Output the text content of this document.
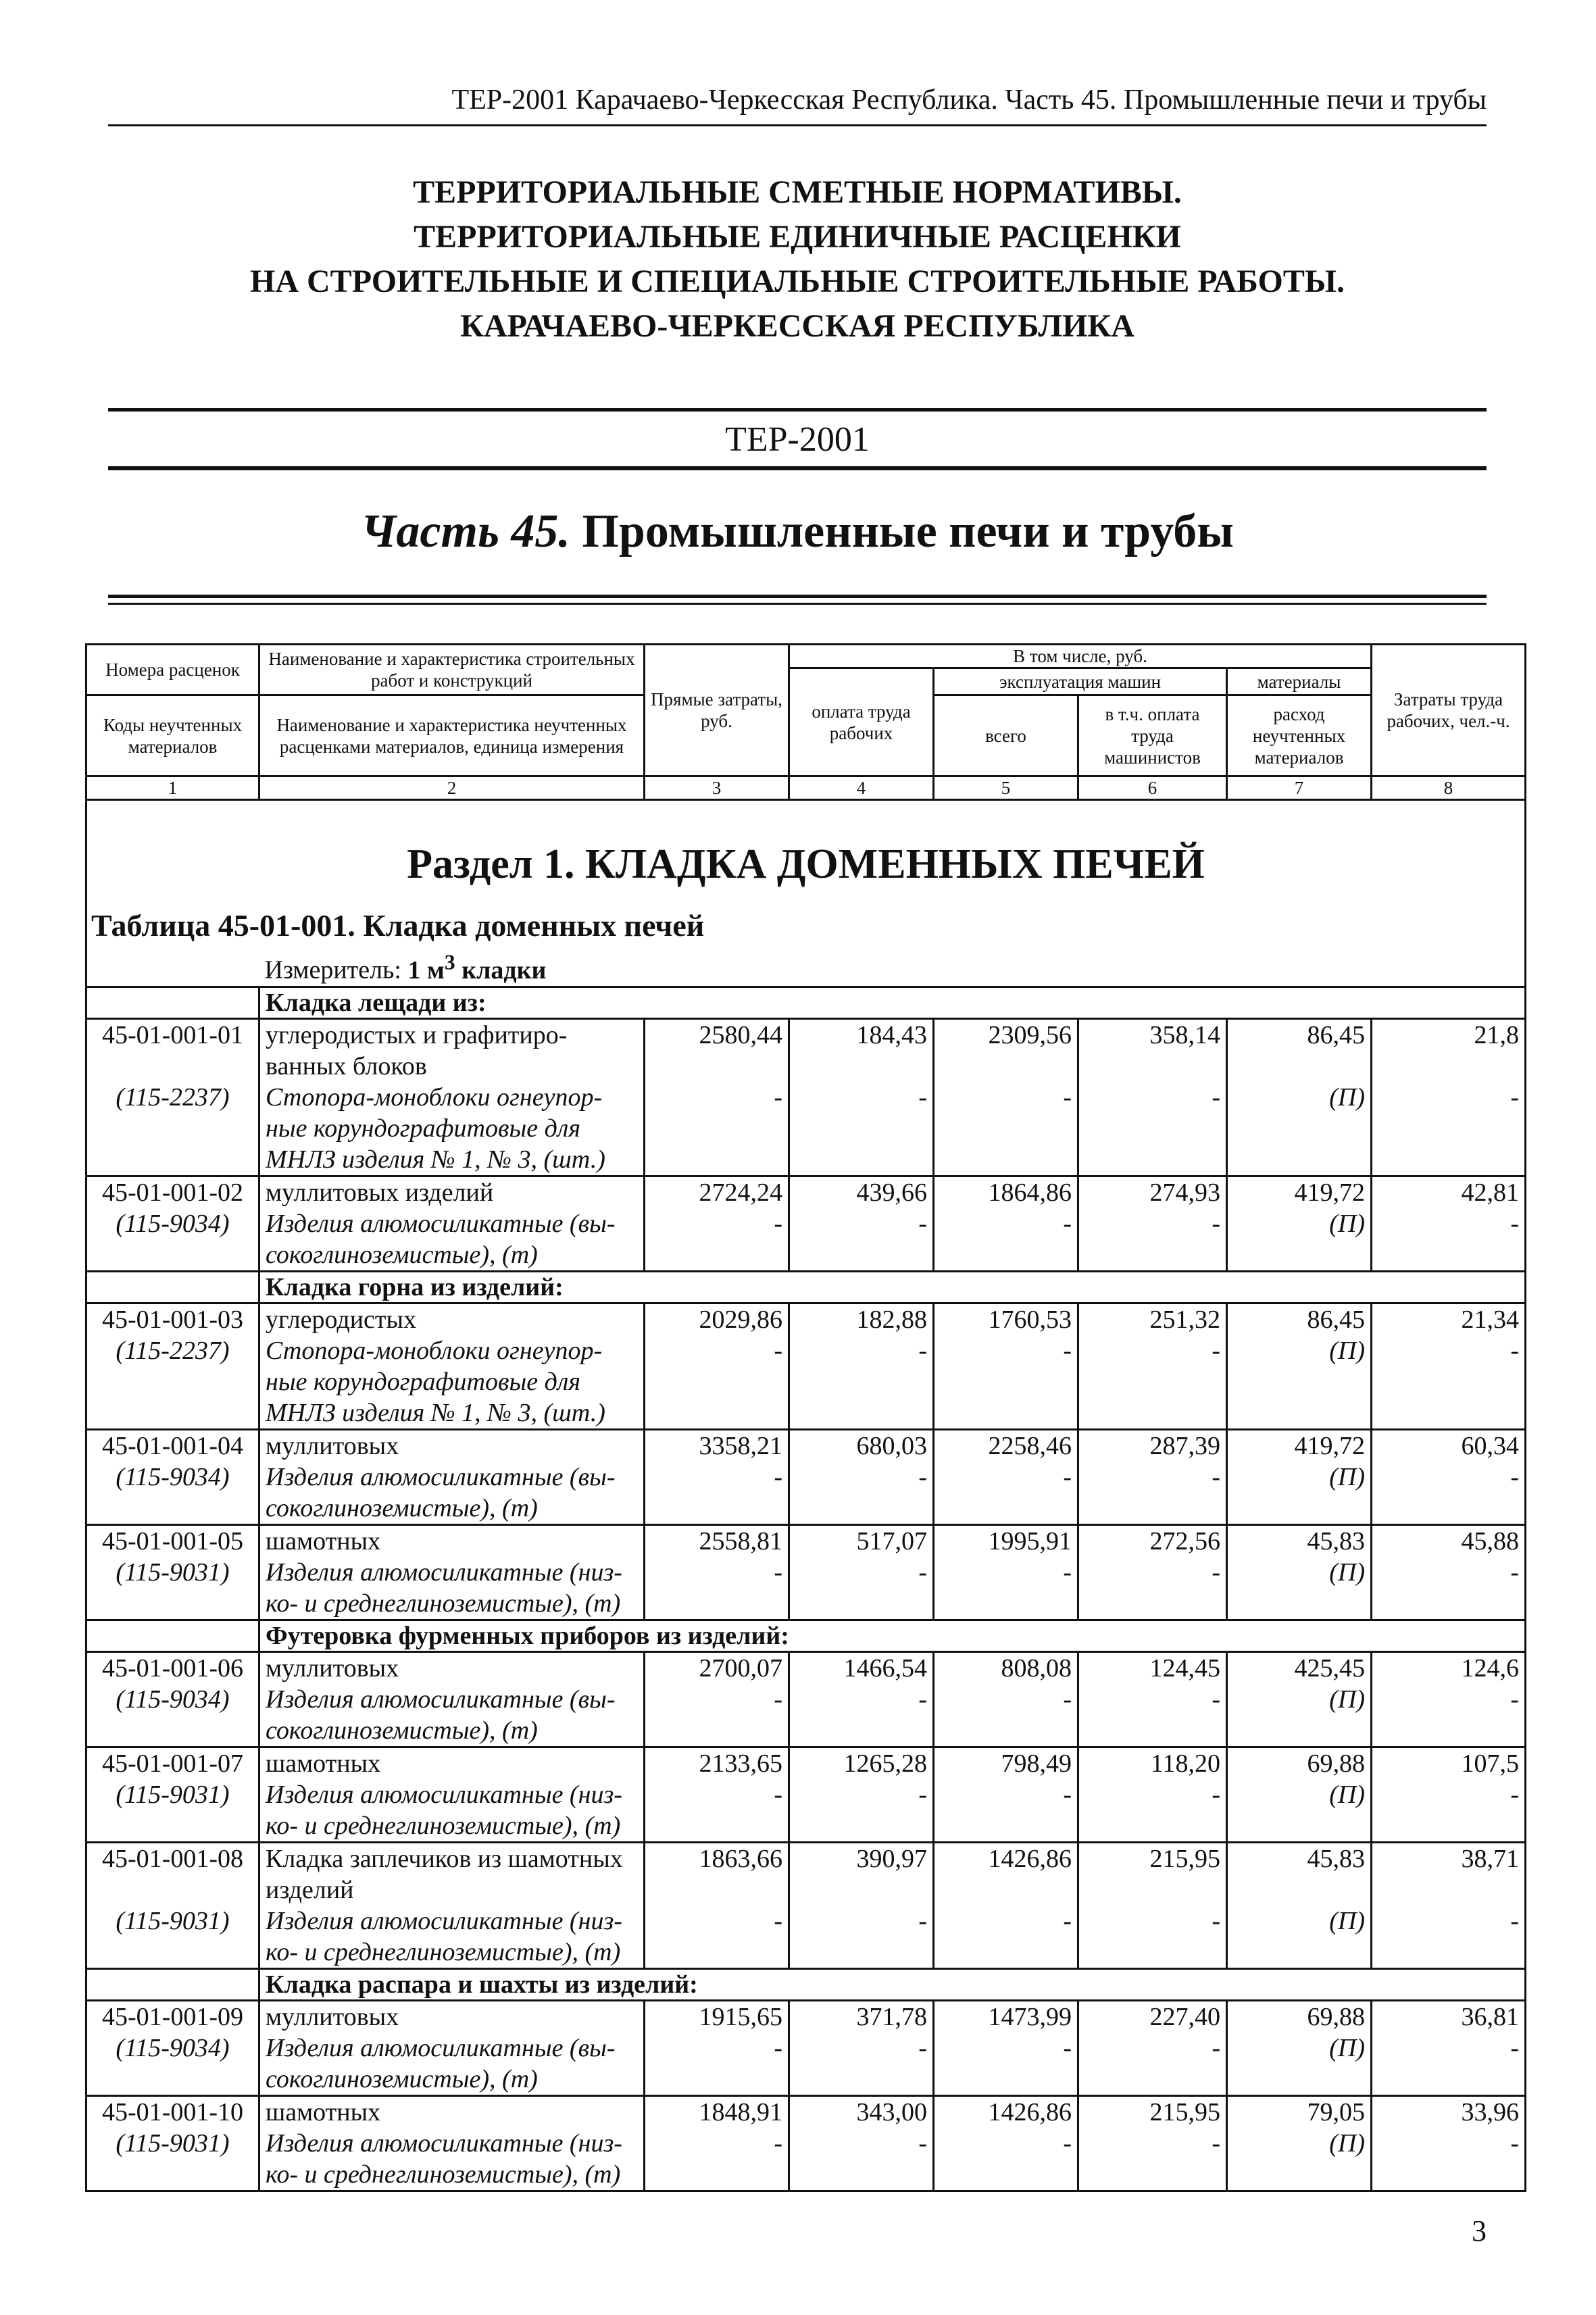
ТЕР-2001 Карачаево-Черкесская Республика. Часть 45. Промышленные печи и трубы
ТЕРРИТОРИАЛЬНЫЕ СМЕТНЫЕ НОРМАТИВЫ.
ТЕРРИТОРИАЛЬНЫЕ ЕДИНИЧНЫЕ РАСЦЕНКИ
НА СТРОИТЕЛЬНЫЕ И СПЕЦИАЛЬНЫЕ СТРОИТЕЛЬНЫЕ РАБОТЫ.
КАРАЧАЕВО-ЧЕРКЕССКАЯ РЕСПУБЛИКА
ТЕР-2001
Часть 45. Промышленные печи и трубы
Номера расценок	Наименование и характеристика строительных работ и конструкций	Прямые затраты, руб.	В том числе, руб.				Затраты труда рабочих, чел.-ч.
			оплата труда рабочих	эксплуатация машин		материалы	
Коды неучтенных материалов	Наименование и характеристика неучтенных расценками материалов, единица измерения			всего	в т.ч. оплата труда машинистов	расход неучтенных материалов	

1	2	3	4	5	6	7	8
Раздел 1. КЛАДКА ДОМЕННЫХ ПЕЧЕЙ							
Таблица 45-01-001. Кладка доменных печей							
	Измеритель: 1 $м^3$ кладки						
	Кладка лещади из:						
45-01-001-01	углеродистых и графитиро-ванных блоков	2580,44	184,43	2309,56	358,14	86,45	21,8
(115-2237)	Стопора-моноблоки огнеупор-ные корундографитовые для МНЛЗ изделия № 1, № 3, (шт.)	-	-	-	-	(П)	-
45-01-001-02	муллитовых изделий	2724,24	439,66	1864,86	274,93	419,72	42,81
(115-9034)	Изделия алюмосиликатные (вы-сокоглиноземистые), (т)	-	-	-	-	(П)	-
	Кладка горна из изделий:						
45-01-001-03	углеродистых	2029,86	182,88	1760,53	251,32	86,45	21,34
(115-2237)	Стопора-моноблоки огнеупор-ные корундографитовые для МНЛЗ изделия № 1, № 3, (шт.)	-	-	-	-	(П)	-
45-01-001-04	муллитовых	3358,21	680,03	2258,46	287,39	419,72	60,34
(115-9034)	Изделия алюмосиликатные (вы-сокоглиноземистые), (т)	-	-	-	-	(П)	-
45-01-001-05	шамотных	2558,81	517,07	1995,91	272,56	45,83	45,88
(115-9031)	Изделия алюмосиликатные (низ-ко- и среднеглиноземистые), (т)	-	-	-	-	(П)	-
	Футеровка фурменных приборов из изделий:						
45-01-001-06	муллитовых	2700,07	1466,54	808,08	124,45	425,45	124,6
(115-9034)	Изделия алюмосиликатные (вы-сокоглиноземистые), (т)	-	-	-	-	(П)	-
45-01-001-07	шамотных	2133,65	1265,28	798,49	118,20	69,88	107,5
(115-9031)	Изделия алюмосиликатные (низ-ко- и среднеглиноземистые), (т)	-	-	-	-	(П)	-
45-01-001-08	Кладка заплечиков из шамотных изделий	1863,66	390,97	1426,86	215,95	45,83	38,71
(115-9031)	Изделия алюмосиликатные (низ-ко- и среднеглиноземистые), (т)	-	-	-	-	(П)	-
	Кладка распара и шахты из изделий:						
45-01-001-09	муллитовых	1915,65	371,78	1473,99	227,40	69,88	36,81
(115-9034)	Изделия алюмосиликатные (вы-сокоглиноземистые), (т)	-	-	-	-	(П)	-
45-01-001-10	шамотных	1848,91	343,00	1426,86	215,95	79,05	33,96
(115-9031)	Изделия алюмосиликатные (низ-ко- и среднеглиноземистые), (т)	-	-	-	-	(П)	-
3
